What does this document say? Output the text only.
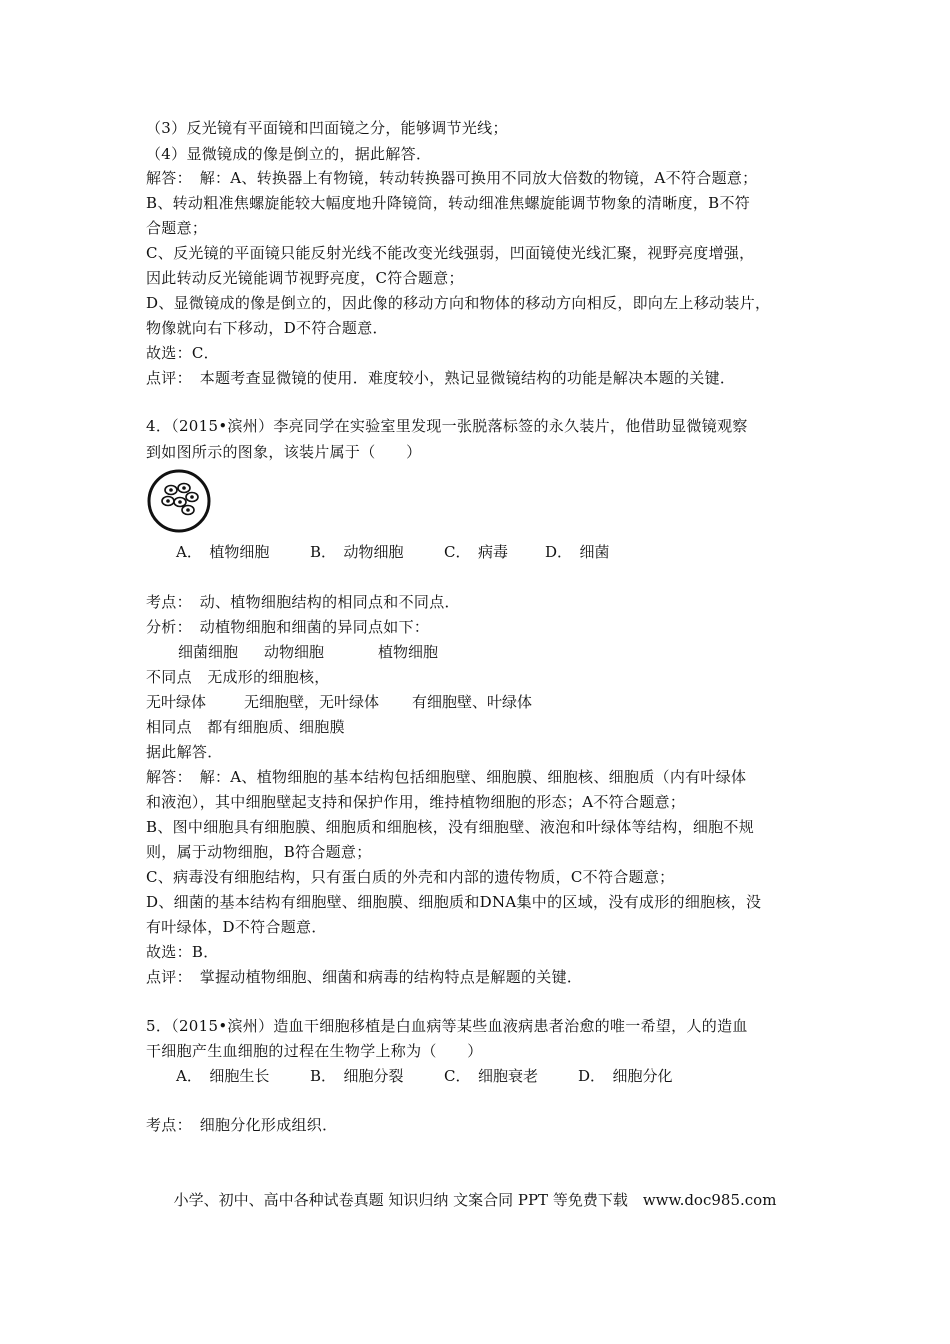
（3）反光镜有平面镜和凹面镜之分，能够调节光线；
（4）显微镜成的像是倒立的，据此解答．
解答：　解：A、转换器上有物镜，转动转换器可换用不同放大倍数的物镜，A不符合题意；
B、转动粗准焦螺旋能较大幅度地升降镜筒，转动细准焦螺旋能调节物象的清晰度，B不符
合题意；
C、反光镜的平面镜只能反射光线不能改变光线强弱，凹面镜使光线汇聚，视野亮度增强，
因此转动反光镜能调节视野亮度，C符合题意；
D、显微镜成的像是倒立的，因此像的移动方向和物体的移动方向相反，即向左上移动装片，
物像就向右下移动，D不符合题意．
故选：C．
点评：　本题考查显微镜的使用．难度较小，熟记显微镜结构的功能是解决本题的关键．
4．（2015•滨州）李亮同学在实验室里发现一张脱落标签的永久装片，他借助显微镜观察
到如图所示的图象，该装片属于（　　）
A．　植物细胞	B．　动物细胞	C．　病毒 D．　细菌
考点：　动、植物细胞结构的相同点和不同点．
分析：　动植物细胞和细菌的异同点如下：
细菌细胞 动物细胞	植物细胞
不同点　无成形的细胞核，
无叶绿体	无细胞壁，无叶绿体 有细胞壁、叶绿体
相同点　都有细胞质、细胞膜
据此解答．
解答：　解：A、植物细胞的基本结构包括细胞壁、细胞膜、细胞核、细胞质（内有叶绿体
和液泡），其中细胞壁起支持和保护作用，维持植物细胞的形态；A不符合题意；
B、图中细胞具有细胞膜、细胞质和细胞核，没有细胞壁、液泡和叶绿体等结构，细胞不规
则，属于动物细胞，B符合题意；
C、病毒没有细胞结构，只有蛋白质的外壳和内部的遗传物质，C不符合题意；
D、细菌的基本结构有细胞壁、细胞膜、细胞质和DNA集中的区域，没有成形的细胞核，没
有叶绿体，D不符合题意．
故选：B．
点评：　掌握动植物细胞、细菌和病毒的结构特点是解题的关键．
5．（2015•滨州）造血干细胞移植是白血病等某些血液病患者治愈的唯一希望，人的造血
干细胞产生血细胞的过程在生物学上称为（　　）
A．　细胞生长	B．　细胞分裂	C．　细胞衰老	D．　细胞分化
考点：　细胞分化形成组织．
小学、初中、高中各种试卷真题 知识归纳 文案合同 PPT 等免费下载　www.doc985.com
